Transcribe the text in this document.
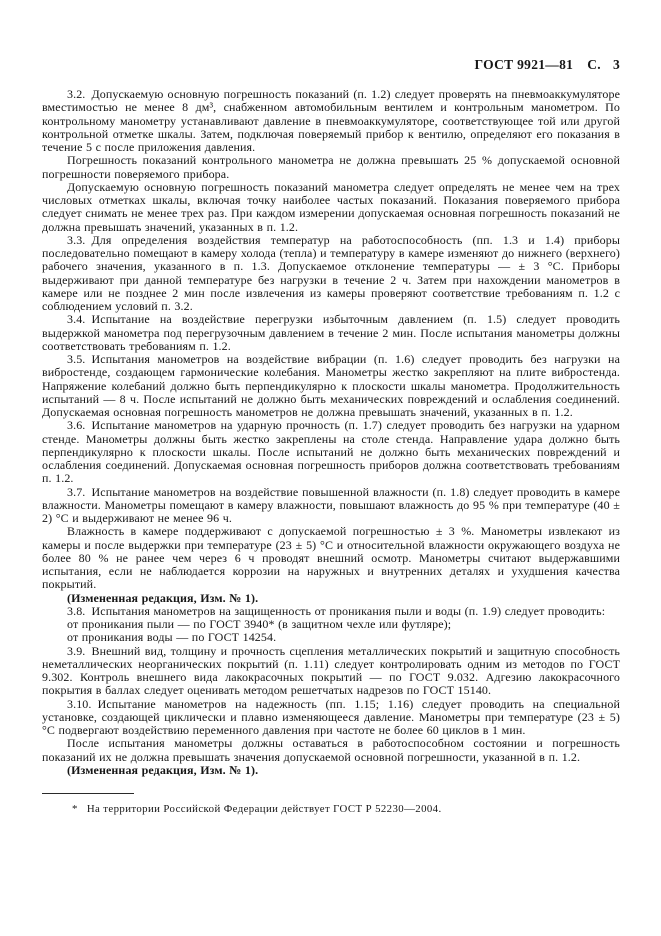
ГОСТ 9921—81 С. 3

3.2. Допускаемую основную погрешность показаний (п. 1.2) следует проверять на пневмоаккумуляторе вместимостью не менее 8 дм³, снабженном автомобильным вентилем и контрольным манометром. По контрольному манометру устанавливают давление в пневмоаккумуляторе, соответствующее той или другой контрольной отметке шкалы. Затем, подключая поверяемый прибор к вентилю, определяют его показания в течение 5 с после приложения давления.

Погрешность показаний контрольного манометра не должна превышать 25 % допускаемой основной погрешности поверяемого прибора.

Допускаемую основную погрешность показаний манометра следует определять не менее чем на трех числовых отметках шкалы, включая точку наиболее частых показаний. Показания поверяемого прибора следует снимать не менее трех раз. При каждом измерении допускаемая основная погрешность показаний не должна превышать значений, указанных в п. 1.2.

3.3. Для определения воздействия температур на работоспособность (пп. 1.3 и 1.4) приборы последовательно помещают в камеру холода (тепла) и температуру в камере изменяют до нижнего (верхнего) рабочего значения, указанного в п. 1.3. Допускаемое отклонение температуры — ± 3 °С. Приборы выдерживают при данной температуре без нагрузки в течение 2 ч. Затем при нахождении манометров в камере или не позднее 2 мин после извлечения из камеры проверяют соответствие требованиям п. 1.2 с соблюдением условий п. 3.2.

3.4. Испытание на воздействие перегрузки избыточным давлением (п. 1.5) следует проводить выдержкой манометра под перегрузочным давлением в течение 2 мин. После испытания манометры должны соответствовать требованиям п. 1.2.

3.5. Испытания манометров на воздействие вибрации (п. 1.6) следует проводить без нагрузки на вибростенде, создающем гармонические колебания. Манометры жестко закрепляют на плите вибростенда. Напряжение колебаний должно быть перпендикулярно к плоскости шкалы манометра. Продолжительность испытаний — 8 ч. После испытаний не должно быть механических повреждений и ослабления соединений. Допускаемая основная погрешность манометров не должна превышать значений, указанных в п. 1.2.

3.6. Испытание манометров на ударную прочность (п. 1.7) следует проводить без нагрузки на ударном стенде. Манометры должны быть жестко закреплены на столе стенда. Направление удара должно быть перпендикулярно к плоскости шкалы. После испытаний не должно быть механических повреждений и ослабления соединений. Допускаемая основная погрешность приборов должна соответствовать требованиям п. 1.2.

3.7. Испытание манометров на воздействие повышенной влажности (п. 1.8) следует проводить в камере влажности. Манометры помещают в камеру влажности, повышают влажность до 95 % при температуре (40 ± 2) °С и выдерживают не менее 96 ч.

Влажность в камере поддерживают с допускаемой погрешностью ± 3 %. Манометры извлекают из камеры и после выдержки при температуре (23 ± 5) °С и относительной влажности окружающего воздуха не более 80 % не ранее чем через 6 ч проводят внешний осмотр. Манометры считают выдержавшими испытания, если не наблюдается коррозии на наружных и внутренних деталях и ухудшения качества покрытий.

(Измененная редакция, Изм. № 1).

3.8. Испытания манометров на защищенность от проникания пыли и воды (п. 1.9) следует проводить:

от проникания пыли — по ГОСТ 3940* (в защитном чехле или футляре);

от проникания воды — по ГОСТ 14254.

3.9. Внешний вид, толщину и прочность сцепления металлических покрытий и защитную способность неметаллических неорганических покрытий (п. 1.11) следует контролировать одним из методов по ГОСТ 9.302. Контроль внешнего вида лакокрасочных покрытий — по ГОСТ 9.032. Адгезию лакокрасочного покрытия в баллах следует оценивать методом решетчатых надрезов по ГОСТ 15140.

3.10. Испытание манометров на надежность (пп. 1.15; 1.16) следует проводить на специальной установке, создающей циклически и плавно изменяющееся давление. Манометры при температуре (23 ± 5) °С подвергают воздействию переменного давления при частоте не более 60 циклов в 1 мин.

После испытания манометры должны оставаться в работоспособном состоянии и погрешность показаний их не должна превышать значения допускаемой основной погрешности, указанной в п. 1.2.

(Измененная редакция, Изм. № 1).

* На территории Российской Федерации действует ГОСТ Р 52230—2004.
